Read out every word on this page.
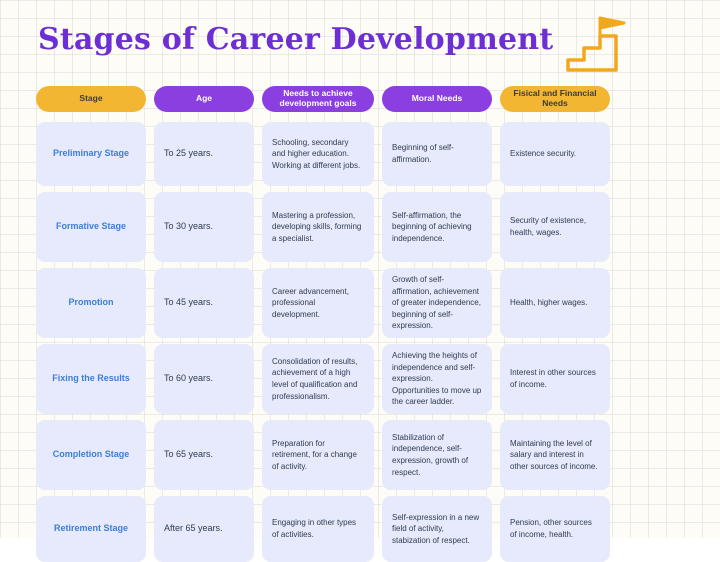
Stages of Career Development
Stage
Preliminary Stage
Formative Stage
Promotion
Fixing the Results
Completion Stage
Retirement Stage
Age
To 25 years.
To 30 years.
To 45 years.
To 60 years.
To 65 years.
After 65 years.
Needs to achieve development goals
Schooling, secondary and higher education. Working at different jobs.
Mastering a profession, developing skills, forming a specialist.
Career advancement, professional development.
Consolidation of results, achievement of a high level of qualification and professionalism.
Preparation for retirement, for a change of activity.
Engaging in other types of activities.
Moral Needs
Beginning of self-affirmation.
Self-affirmation, the beginning of achieving independence.
Growth of self-affirmation, achievement of greater independence, beginning of self-expression.
Achieving the heights of independence and self-expression. Opportunities to move up the career ladder.
Stabilization of independence, self-expression, growth of respect.
Self-expression in a new field of activity, stabization of respect.
Fisical and Financial Needs
Existence security.
Security of existence, health, wages.
Health, higher wages.
Interest in other sources of income.
Maintaining the level of salary and interest in other sources of income.
Pension, other sources of income, health.
